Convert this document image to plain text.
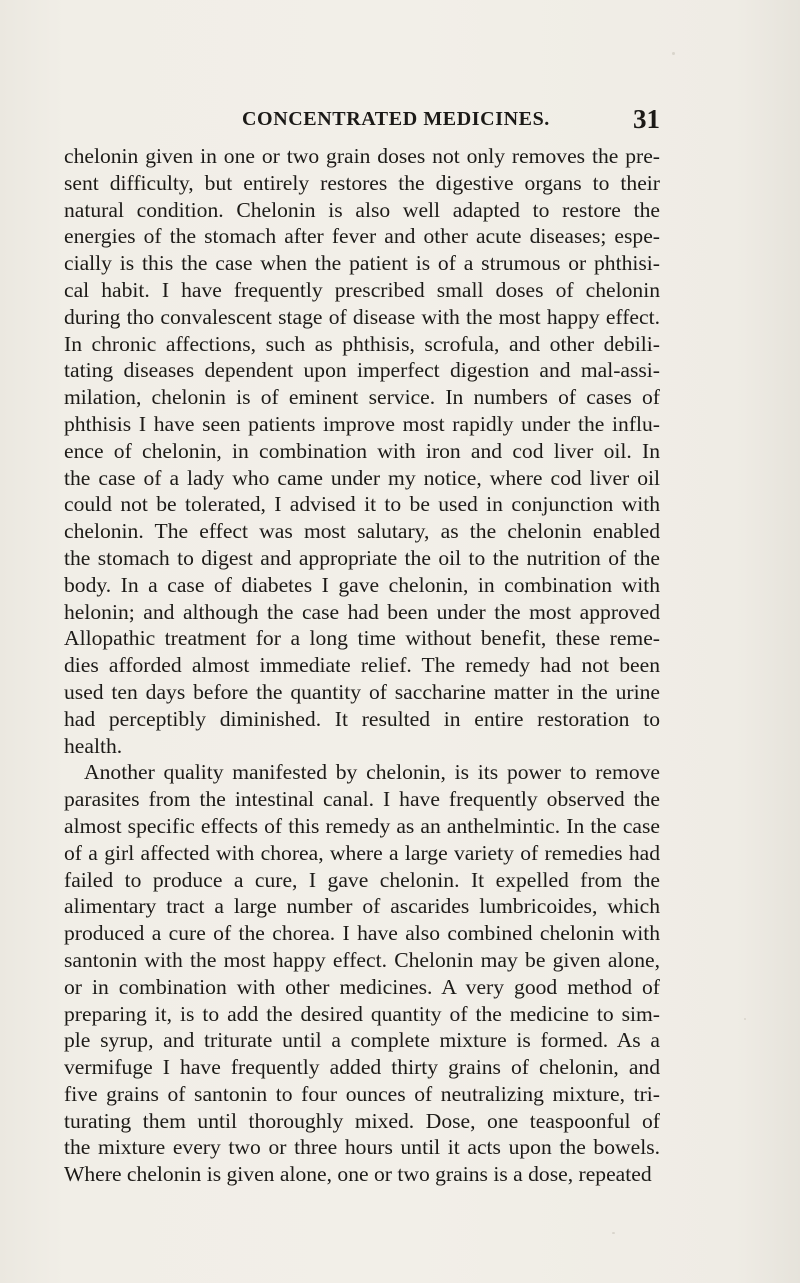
CONCENTRATED MEDICINES.	31
chelonin given in one or two grain doses not only removes the pre-
sent difficulty, but entirely restores the digestive organs to their
natural condition. Chelonin is also well adapted to restore the
energies of the stomach after fever and other acute diseases; espe-
cially is this the case when the patient is of a strumous or phthisi-
cal habit. I have frequently prescribed small doses of chelonin
during tho convalescent stage of disease with the most happy effect.
In chronic affections, such as phthisis, scrofula, and other debili-
tating diseases dependent upon imperfect digestion and mal-assi-
milation, chelonin is of eminent service. In numbers of cases of
phthisis I have seen patients improve most rapidly under the influ-
ence of chelonin, in combination with iron and cod liver oil. In
the case of a lady who came under my notice, where cod liver oil
could not be tolerated, I advised it to be used in conjunction with
chelonin. The effect was most salutary, as the chelonin enabled
the stomach to digest and appropriate the oil to the nutrition of the
body. In a case of diabetes I gave chelonin, in combination with
helonin; and although the case had been under the most approved
Allopathic treatment for a long time without benefit, these reme-
dies afforded almost immediate relief. The remedy had not been
used ten days before the quantity of saccharine matter in the urine
had perceptibly diminished. It resulted in entire restoration to
health.
Another quality manifested by chelonin, is its power to remove
parasites from the intestinal canal. I have frequently observed the
almost specific effects of this remedy as an anthelmintic. In the case
of a girl affected with chorea, where a large variety of remedies had
failed to produce a cure, I gave chelonin. It expelled from the
alimentary tract a large number of ascarides lumbricoides, which
produced a cure of the chorea. I have also combined chelonin with
santonin with the most happy effect. Chelonin may be given alone,
or in combination with other medicines. A very good method of
preparing it, is to add the desired quantity of the medicine to sim-
ple syrup, and triturate until a complete mixture is formed. As a
vermifuge I have frequently added thirty grains of chelonin, and
five grains of santonin to four ounces of neutralizing mixture, tri-
turating them until thoroughly mixed. Dose, one teaspoonful of
the mixture every two or three hours until it acts upon the bowels.
Where chelonin is given alone, one or two grains is a dose, repeated
